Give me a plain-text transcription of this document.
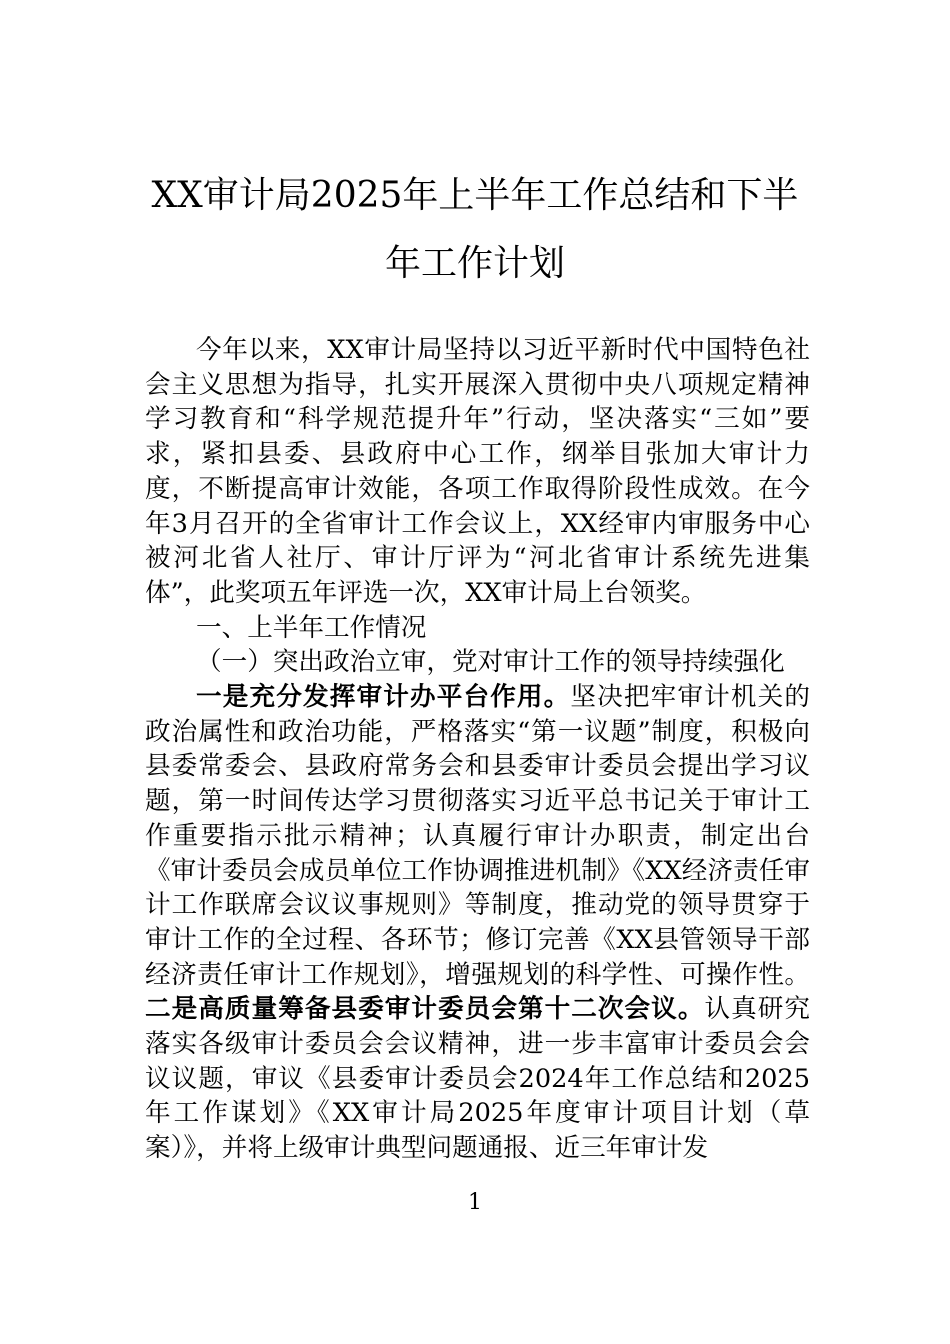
XX审计局2025年上半年工作总结和下半
年工作计划

今年以来，XX审计局坚持以习近平新时代中国特色社会主义思想为指导，扎实开展深入贯彻中央八项规定精神学习教育和“科学规范提升年”行动，坚决落实“三如”要求，紧扣县委、县政府中心工作，纲举目张加大审计力度，不断提高审计效能，各项工作取得阶段性成效。在今年3月召开的全省审计工作会议上，XX经审内审服务中心被河北省人社厅、审计厅评为“河北省审计系统先进集体”，此奖项五年评选一次，XX审计局上台领奖。

一、上半年工作情况

（一）突出政治立审，党对审计工作的领导持续强化

一是充分发挥审计办平台作用。坚决把牢审计机关的政治属性和政治功能，严格落实“第一议题”制度，积极向县委常委会、县政府常务会和县委审计委员会提出学习议题，第一时间传达学习贯彻落实习近平总书记关于审计工作重要指示批示精神；认真履行审计办职责，制定出台《审计委员会成员单位工作协调推进机制》《XX经济责任审计工作联席会议议事规则》等制度，推动党的领导贯穿于审计工作的全过程、各环节；修订完善《XX县管领导干部经济责任审计工作规划》，增强规划的科学性、可操作性。二是高质量筹备县委审计委员会第十二次会议。认真研究落实各级审计委员会会议精神，进一步丰富审计委员会会议议题，审议《县委审计委员会2024年工作总结和2025年工作谋划》《XX审计局2025年度审计项目计划（草案）》，并将上级审计典型问题通报、近三年审计发

1
